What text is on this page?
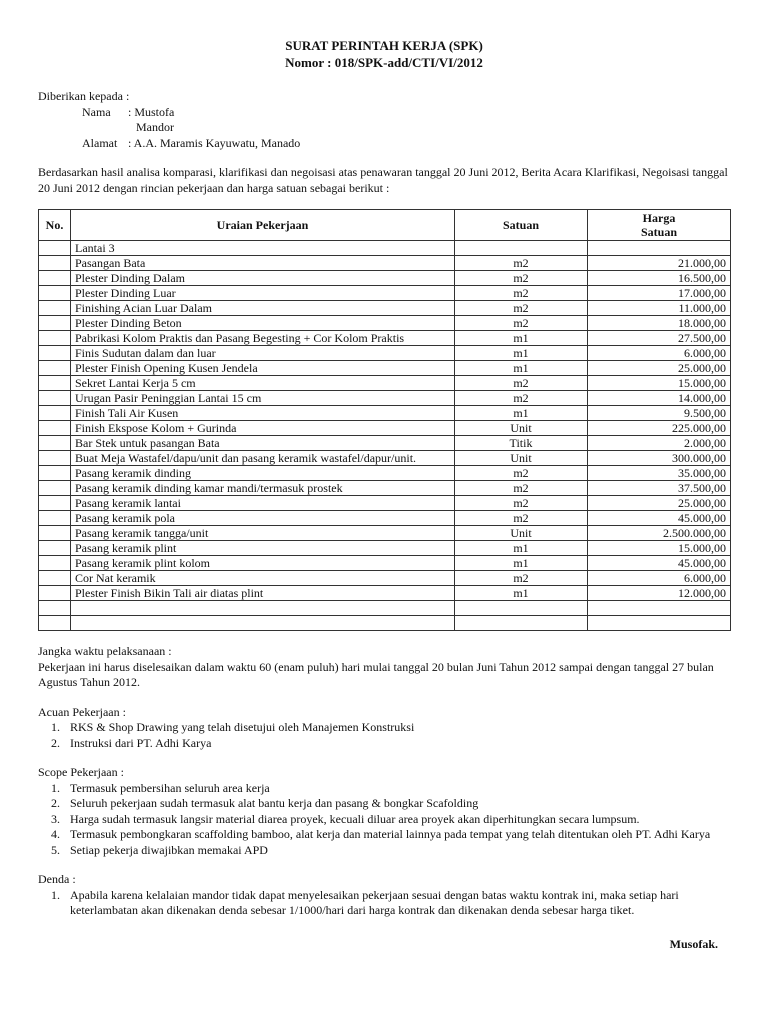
SURAT PERINTAH KERJA (SPK)
Nomor : 018/SPK-add/CTI/VI/2012
Diberikan kepada :
Nama	: Mustofa
Mandor
Alamat : A.A. Maramis Kayuwatu, Manado
Berdasarkan hasil analisa komparasi, klarifikasi dan negoisasi atas penawaran tanggal 20 Juni 2012, Berita Acara Klarifikasi, Negoisasi tanggal 20 Juni 2012 dengan rincian pekerjaan dan harga satuan sebagai berikut :
No.	Uraian Pekerjaan	Satuan	Harga
Satuan
	Lantai 3		
	Pasangan Bata	m2	21.000,00
	Plester Dinding Dalam	m2	16.500,00
	Plester Dinding Luar	m2	17.000,00
	Finishing Acian Luar Dalam	m2	11.000,00
	Plester Dinding Beton	m2	18.000,00
	Pabrikasi Kolom Praktis dan Pasang Begesting + Cor Kolom Praktis	m1	27.500,00
	Finis Sudutan dalam dan luar	m1	6.000,00
	Plester Finish Opening Kusen Jendela	m1	25.000,00
	Sekret Lantai Kerja 5 cm	m2	15.000,00
	Urugan Pasir Peninggian Lantai 15 cm	m2	14.000,00
	Finish Tali Air Kusen	m1	9.500,00
	Finish Ekspose Kolom + Gurinda	Unit	225.000,00
	Bar Stek untuk pasangan Bata	Titik	2.000,00
	Buat Meja Wastafel/dapu/unit dan pasang keramik wastafel/dapur/unit.	Unit	300.000,00
	Pasang keramik dinding	m2	35.000,00
	Pasang keramik dinding kamar mandi/termasuk prostek	m2	37.500,00
	Pasang keramik lantai	m2	25.000,00
	Pasang keramik pola	m2	45.000,00
	Pasang keramik tangga/unit	Unit	2.500.000,00
	Pasang keramik plint	m1	15.000,00
	Pasang keramik plint kolom	m1	45.000,00
	Cor Nat keramik	m2	6.000,00
	Plester Finish Bikin Tali air diatas plint	m1	12.000,00

Jangka waktu pelaksanaan :
Pekerjaan ini harus diselesaikan dalam waktu 60 (enam puluh) hari mulai tanggal 20 bulan Juni Tahun 2012 sampai dengan tanggal 27 bulan Agustus Tahun 2012.
Acuan Pekerjaan :
1. RKS & Shop Drawing yang telah disetujui oleh Manajemen Konstruksi
2. Instruksi dari PT. Adhi Karya
Scope Pekerjaan :
1. Termasuk pembersihan seluruh area kerja
2. Seluruh pekerjaan sudah termasuk alat bantu kerja dan pasang & bongkar Scafolding
3. Harga sudah termasuk langsir material diarea proyek, kecuali diluar area proyek akan diperhitungkan secara lumpsum.
4. Termasuk pembongkaran scaffolding bamboo, alat kerja dan material lainnya pada tempat yang telah ditentukan oleh PT. Adhi Karya
5. Setiap pekerja diwajibkan memakai APD
Denda :
1. Apabila karena kelalaian mandor tidak dapat menyelesaikan pekerjaan sesuai dengan batas waktu kontrak ini, maka setiap hari keterlambatan akan dikenakan denda sebesar 1/1000/hari dari harga kontrak dan dikenakan denda sebesar harga tiket.
Musofak.
